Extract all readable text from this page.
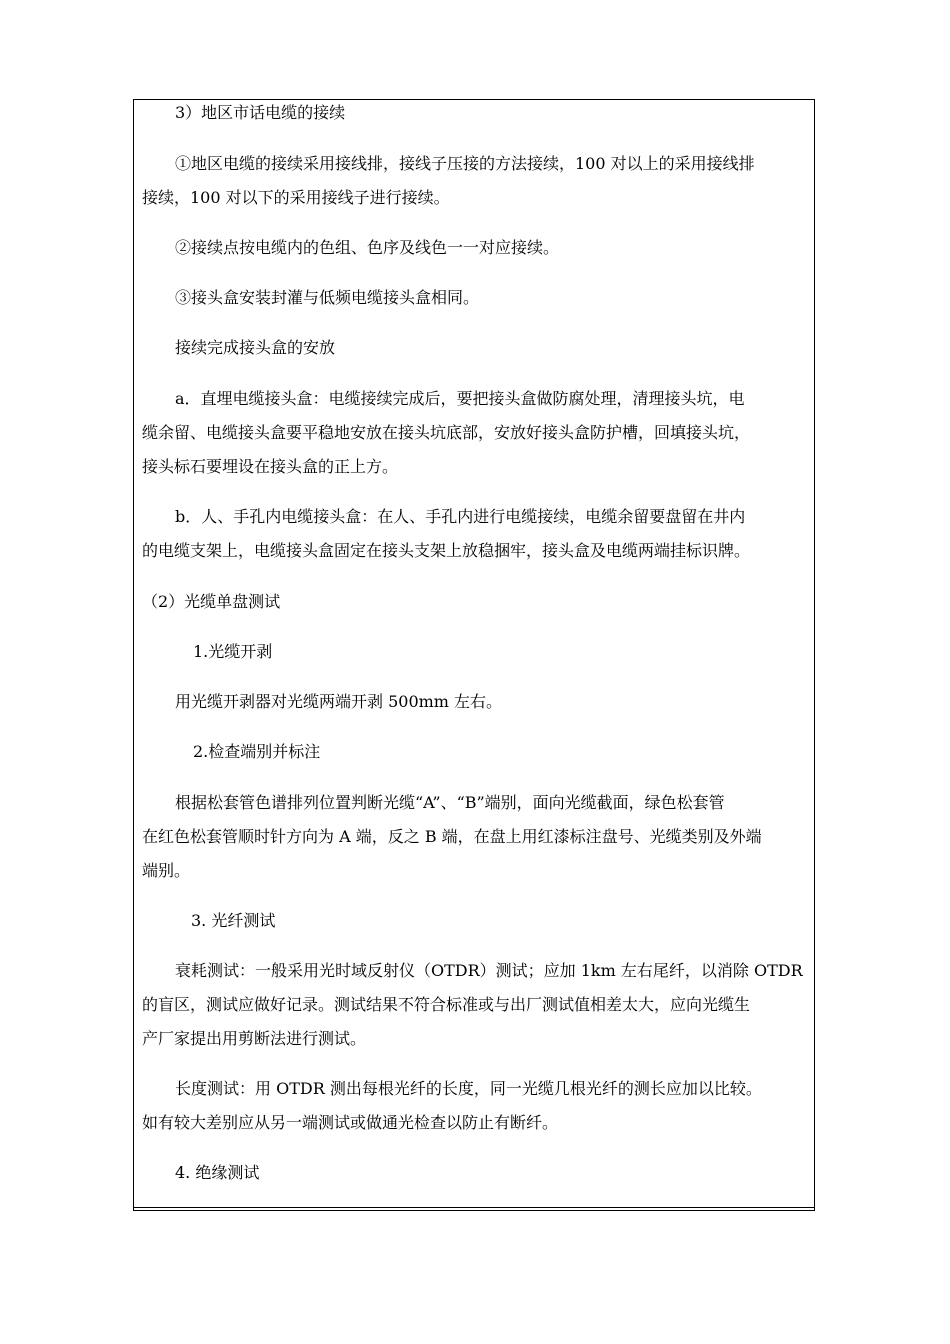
3）地区市话电缆的接续
①地区电缆的接续采用接线排，接线子压接的方法接续，100 对以上的采用接线排
接续，100 对以下的采用接线子进行接续。
②接续点按电缆内的色组、色序及线色一一对应接续。
③接头盒安装封灌与低频电缆接头盒相同。
接续完成接头盒的安放
a．直埋电缆接头盒：电缆接续完成后，要把接头盒做防腐处理，清理接头坑，电
缆余留、电缆接头盒要平稳地安放在接头坑底部，安放好接头盒防护槽，回填接头坑，
接头标石要埋设在接头盒的正上方。
b．人、手孔内电缆接头盒：在人、手孔内进行电缆接续，电缆余留要盘留在井内
的电缆支架上，电缆接头盒固定在接头支架上放稳捆牢，接头盒及电缆两端挂标识牌。
（2）光缆单盘测试
1.光缆开剥
用光缆开剥器对光缆两端开剥 500mm 左右。
2.检查端别并标注
根据松套管色谱排列位置判断光缆“A”、“B”端别，面向光缆截面，绿色松套管
在红色松套管顺时针方向为 A 端，反之 B 端，在盘上用红漆标注盘号、光缆类别及外端
端别。
3. 光纤测试
衰耗测试：一般采用光时域反射仪（OTDR）测试；应加 1km 左右尾纤，以消除 OTDR
的盲区，测试应做好记录。测试结果不符合标准或与出厂测试值相差太大，应向光缆生
产厂家提出用剪断法进行测试。
长度测试：用 OTDR 测出每根光纤的长度，同一光缆几根光纤的测长应加以比较。
如有较大差别应从另一端测试或做通光检查以防止有断纤。
4. 绝缘测试
